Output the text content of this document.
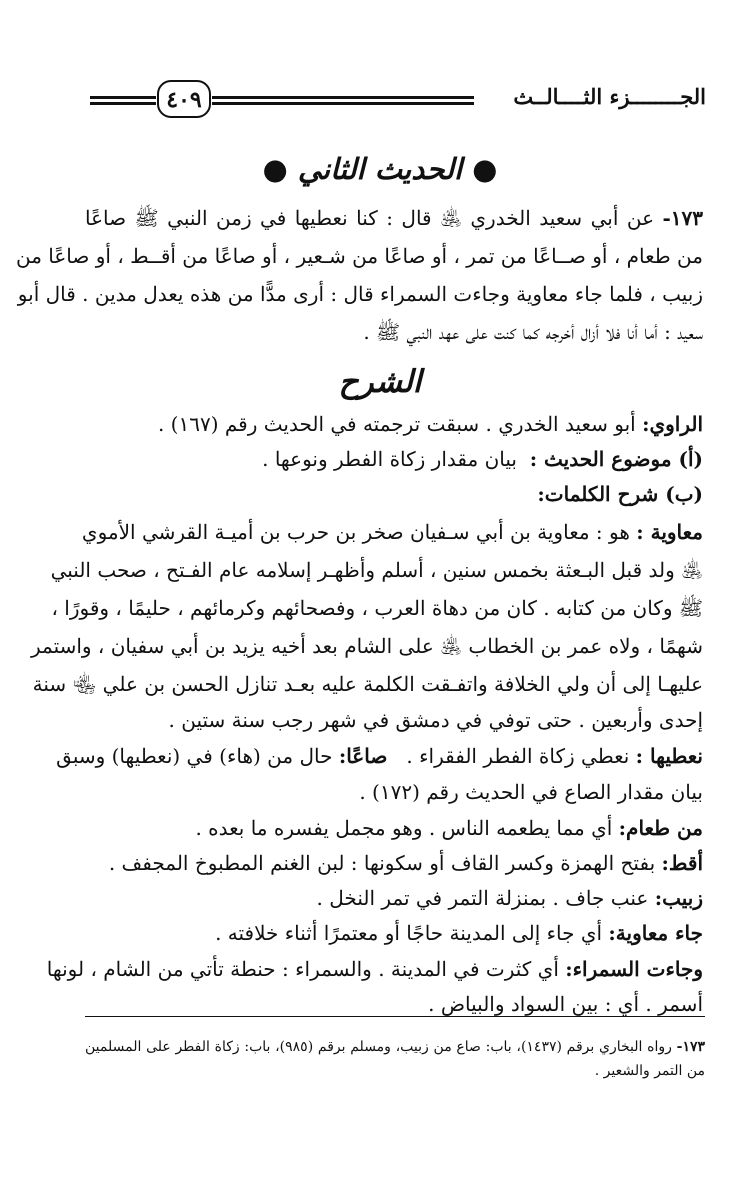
٤٠٩	الجــــــــزء الثــــالــث
● الحديث الثاني ●
١٧٣- عن أبي سعيد الخدري ﵁ قال : كنا نعطيها في زمن النبي ﷺ صاعًا
من طعام ، أو صــاعًا من تمر ، أو صاعًا من شـعير ، أو صاعًا من أقــط ، أو صاعًا من
زبيب ، فلما جاء معاوية وجاءت السمراء قال : أرى مدًّا من هذه يعدل مدين . قال أبو
سعيد : أما أنا فلا أزال أخرجه كما كنت على عهد النبي ﷺ .
الشرح
الراوي: أبو سعيد الخدري . سبقت ترجمته في الحديث رقم (١٦٧) .
(أ) موضوع الحديث :  بيان مقدار زكاة الفطر ونوعها .
(ب) شرح الكلمات:
معاوية : هو : معاوية بن أبي سـفيان صخر بن حرب بن أميـة القرشي الأموي
﵁ ولد قبل البـعثة بخمس سنين ، أسلم وأظهـر إسلامه عام الفـتح ، صحب النبي
ﷺ وكان من كتابه . كان من دهاة العرب ، وفصحائهم وكرمائهم ، حليمًا ، وقورًا ،
شهمًا ، ولاه عمر بن الخطاب ﵁ على الشام بعد أخيه يزيد بن أبي سفيان ، واستمر
عليهـا إلى أن ولي الخلافة واتفـقت الكلمة عليه بعـد تنازل الحسن بن علي ﵄ سنة
إحدى وأربعين . حتى توفي في دمشق في شهر رجب سنة ستين .
نعطيها : نعطي زكاة الفطر الفقراء .   صاعًا: حال من (هاء) في (نعطيها) وسبق
بيان مقدار الصاع في الحديث رقم (١٧٢) .
من طعام: أي مما يطعمه الناس . وهو مجمل يفسره ما بعده .
أقط: بفتح الهمزة وكسر القاف أو سكونها : لبن الغنم المطبوخ المجفف .
زبيب: عنب جاف . بمنزلة التمر في تمر النخل .
جاء معاوية: أي جاء إلى المدينة حاجًا أو معتمرًا أثناء خلافته .
وجاءت السمراء: أي كثرت في المدينة . والسمراء : حنطة تأتي من الشام ، لونها
أسمر . أي : بين السواد والبياض .
١٧٣- رواه البخاري برقم (١٤٣٧)، باب: صاع من زبيب، ومسلم برقم (٩٨٥)، باب: زكاة الفطر على المسلمين
من التمر والشعير .
